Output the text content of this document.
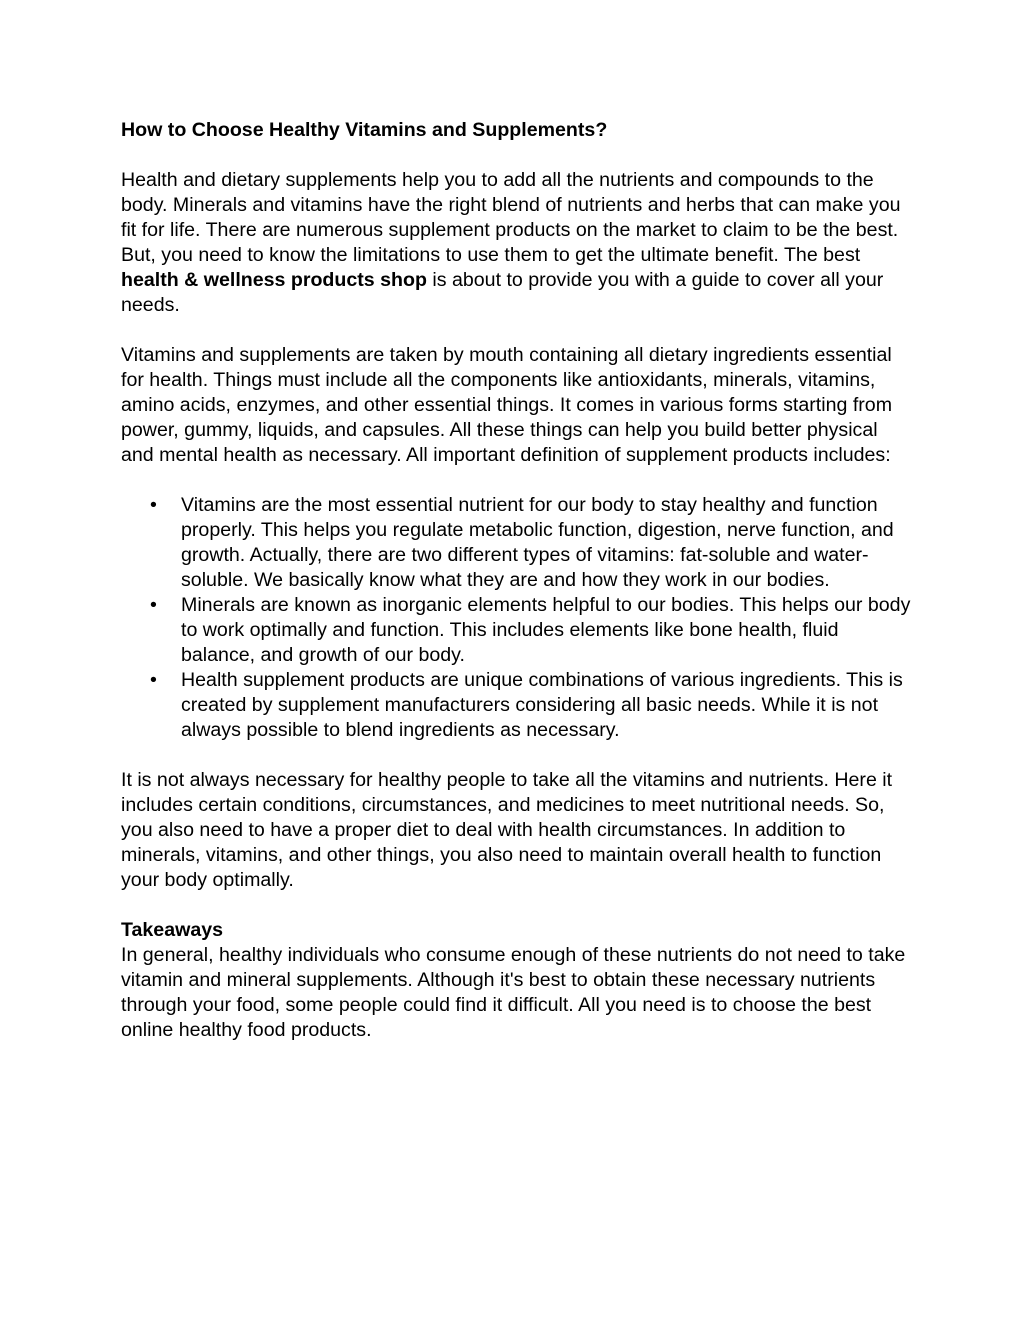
How to Choose Healthy Vitamins and Supplements?

Health and dietary supplements help you to add all the nutrients and compounds to the body. Minerals and vitamins have the right blend of nutrients and herbs that can make you fit for life. There are numerous supplement products on the market to claim to be the best. But, you need to know the limitations to use them to get the ultimate benefit. The best health & wellness products shop is about to provide you with a guide to cover all your needs.

Vitamins and supplements are taken by mouth containing all dietary ingredients essential for health. Things must include all the components like antioxidants, minerals, vitamins, amino acids, enzymes, and other essential things. It comes in various forms starting from power, gummy, liquids, and capsules. All these things can help you build better physical and mental health as necessary. All important definition of supplement products includes:

• Vitamins are the most essential nutrient for our body to stay healthy and function properly. This helps you regulate metabolic function, digestion, nerve function, and growth. Actually, there are two different types of vitamins: fat-soluble and water-soluble. We basically know what they are and how they work in our bodies.
• Minerals are known as inorganic elements helpful to our bodies. This helps our body to work optimally and function. This includes elements like bone health, fluid balance, and growth of our body.
• Health supplement products are unique combinations of various ingredients. This is created by supplement manufacturers considering all basic needs. While it is not always possible to blend ingredients as necessary.

It is not always necessary for healthy people to take all the vitamins and nutrients. Here it includes certain conditions, circumstances, and medicines to meet nutritional needs. So, you also need to have a proper diet to deal with health circumstances. In addition to minerals, vitamins, and other things, you also need to maintain overall health to function your body optimally.

Takeaways

In general, healthy individuals who consume enough of these nutrients do not need to take vitamin and mineral supplements. Although it's best to obtain these necessary nutrients through your food, some people could find it difficult. All you need is to choose the best online healthy food products.
